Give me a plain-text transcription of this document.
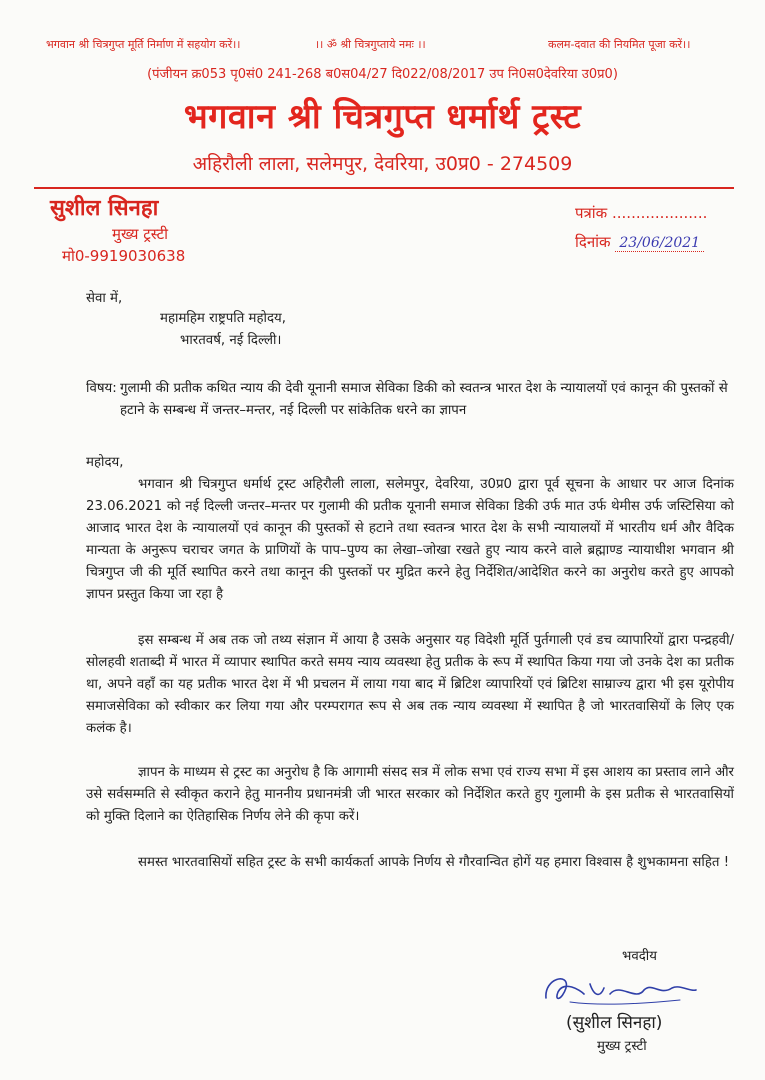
भगवान श्री चित्रगुप्त मूर्ति निर्माण में सहयोग करें।।	।। ॐ श्री चित्रगुप्ताये नमः ।।	कलम-दवात की नियमित पूजा करें।।
(पंजीयन क्र053 पृ0सं0 241-268 ब0स04/27 दि022/08/2017 उप नि0स0देवरिया उ0प्र0)
भगवान श्री चित्रगुप्त धर्मार्थ ट्रस्ट
अहिरौली लाला, सलेमपुर, देवरिया, उ0प्र0 - 274509
सुशील सिनहा
मुख्य ट्रस्टी
मो0-9919030638
पत्रांक ....................
दिनांक 23/06/2021
सेवा में,
महामहिम राष्ट्रपति महोदय,
भारतवर्ष, नई दिल्ली।
विषय: गुलामी की प्रतीक कथित न्याय की देवी यूनानी समाज सेविका डिकी को स्वतन्त्र भारत देश के न्यायालयों एवं कानून की पुस्तकों से हटाने के सम्बन्ध में जन्तर–मन्तर, नई दिल्ली पर सांकेतिक धरने का ज्ञापन
महोदय,
भगवान श्री चित्रगुप्त धर्मार्थ ट्रस्ट अहिरौली लाला, सलेमपुर, देवरिया, उ0प्र0 द्वारा पूर्व सूचना के आधार पर आज दिनांक 23.06.2021 को नई दिल्ली जन्तर–मन्तर पर गुलामी की प्रतीक यूनानी समाज सेविका डिकी उर्फ मात उर्फ थेमीस उर्फ जस्टिसिया को आजाद भारत देश के न्यायालयों एवं कानून की पुस्तकों से हटाने तथा स्वतन्त्र भारत देश के सभी न्यायालयों में भारतीय धर्म और वैदिक मान्यता के अनुरूप चराचर जगत के प्राणियों के पाप–पुण्य का लेखा–जोखा रखते हुए न्याय करने वाले ब्रह्माण्ड न्यायाधीश भगवान श्री चित्रगुप्त जी की मूर्ति स्थापित करने तथा कानून की पुस्तकों पर मुद्रित करने हेतु निर्देशित/आदेशित करने का अनुरोध करते हुए आपको ज्ञापन प्रस्तुत किया जा रहा है
इस सम्बन्ध में अब तक जो तथ्य संज्ञान में आया है उसके अनुसार यह विदेशी मूर्ति पुर्तगाली एवं डच व्यापारियों द्वारा पन्द्रहवी/सोलहवी शताब्दी में भारत में व्यापार स्थापित करते समय न्याय व्यवस्था हेतु प्रतीक के रूप में स्थापित किया गया जो उनके देश का प्रतीक था, अपने वहाँ का यह प्रतीक भारत देश में भी प्रचलन में लाया गया बाद में ब्रिटिश व्यापारियों एवं ब्रिटिश साम्राज्य द्वारा भी इस यूरोपीय समाजसेविका को स्वीकार कर लिया गया और परम्परागत रूप से अब तक न्याय व्यवस्था में स्थापित है जो भारतवासियों के लिए एक कलंक है।
ज्ञापन के माध्यम से ट्रस्ट का अनुरोध है कि आगामी संसद सत्र में लोक सभा एवं राज्य सभा में इस आशय का प्रस्ताव लाने और उसे सर्वसम्मति से स्वीकृत कराने हेतु माननीय प्रधानमंत्री जी भारत सरकार को निर्देशित करते हुए गुलामी के इस प्रतीक से भारतवासियों को मुक्ति दिलाने का ऐतिहासिक निर्णय लेने की कृपा करें।
समस्त भारतवासियों सहित ट्रस्ट के सभी कार्यकर्ता आपके निर्णय से गौरवान्वित होगें यह हमारा विश्वास है शुभकामना सहित !
भवदीय
(सुशील सिनहा)
मुख्य ट्रस्टी
